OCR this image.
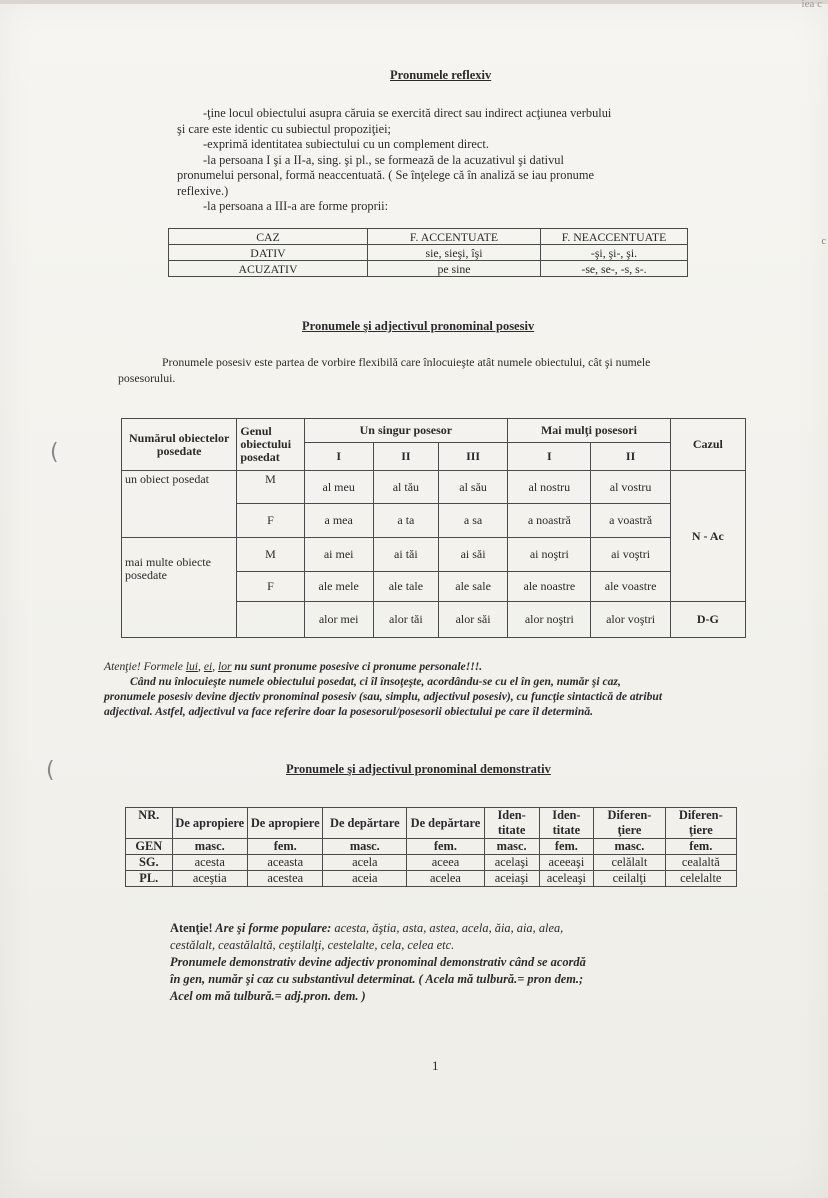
iea c
(
(
c
Pronumele reflexiv

-ţine locul obiectului asupra căruia se exercită direct sau indirect acţiunea verbului

şi care este identic cu subiectul propoziţiei;

-exprimă identitatea subiectului cu un complement direct.

-la persoana I şi a II-a, sing. şi pl., se formează de la acuzativul şi dativul

pronumelui personal, formă neaccentuată. ( Se înţelege că în analiză se iau pronume

reflexive.)

-la persoana a III-a are forme proprii:

CAZ	F. ACCENTUATE	F. NEACCENTUATE
DATIV	sie, sieşi, îşi	-şi, şi-, şi.
ACUZATIV	pe sine	-se, se-, -s, s-.
Pronumele şi adjectivul pronominal posesiv

Pronumele posesiv este partea de vorbire flexibilă care înlocuieşte atât numele obiectului, cât şi numele

posesorului.

Numărul obiectelor posedate	Genul obiectului posedat	Un singur posesor			Mai mulţi posesori		Cazul
		I	II	III	I	II	
un obiect posedat	M	al meu	al tău	al său	al nostru	al vostru	N - Ac
	F	a mea	a ta	a sa	a noastră	a voastră	
mai multe obiecte posedate	M	ai mei	ai tăi	ai săi	ai noştri	ai voştri	
	F	ale mele	ale tale	ale sale	ale noastre	ale voastre	
		alor mei	alor tăi	alor săi	alor noştri	alor voştri	D-G
Atenţie! Formele lui, ei, lor nu sunt pronume posesive ci pronume personale!!!.
Când nu înlocuieşte numele obiectului posedat, ci îl însoţeşte, acordându-se cu el în gen, număr şi caz,
pronumele posesiv devine djectiv pronominal posesiv (sau, simplu, adjectivul posesiv), cu funcţie sintactică de atribut
adjectival. Astfel, adjectivul va face referire doar la posesorul/posesorii obiectului pe care îl determină.
Pronumele şi adjectivul pronominal demonstrativ
NR.	De apropiere	De apropiere	De depărtare	De depărtare	Iden- titate	Iden- titate	Diferen- ţiere	Diferen- ţiere
GEN	masc.	fem.	masc.	fem.	masc.	fem.	masc.	fem.
SG.	acesta	aceasta	acela	aceea	acelaşi	aceeaşi	celălalt	cealaltă
PL.	aceştia	acestea	aceia	acelea	aceiaşi	aceleaşi	ceilalţi	celelalte
Atenţie! Are şi forme populare: acesta, ăştia, asta, astea, acela, ăia, aia, alea,
cestălalt, ceastălaltă, ceştilalţi, cestelalte, cela, celea etc.
Pronumele demonstrativ devine adjectiv pronominal demonstrativ când se acordă
în gen, număr şi caz cu substantivul determinat. ( Acela mă tulbură.= pron dem.;
Acel om mă tulbură.= adj.pron. dem. )
1
